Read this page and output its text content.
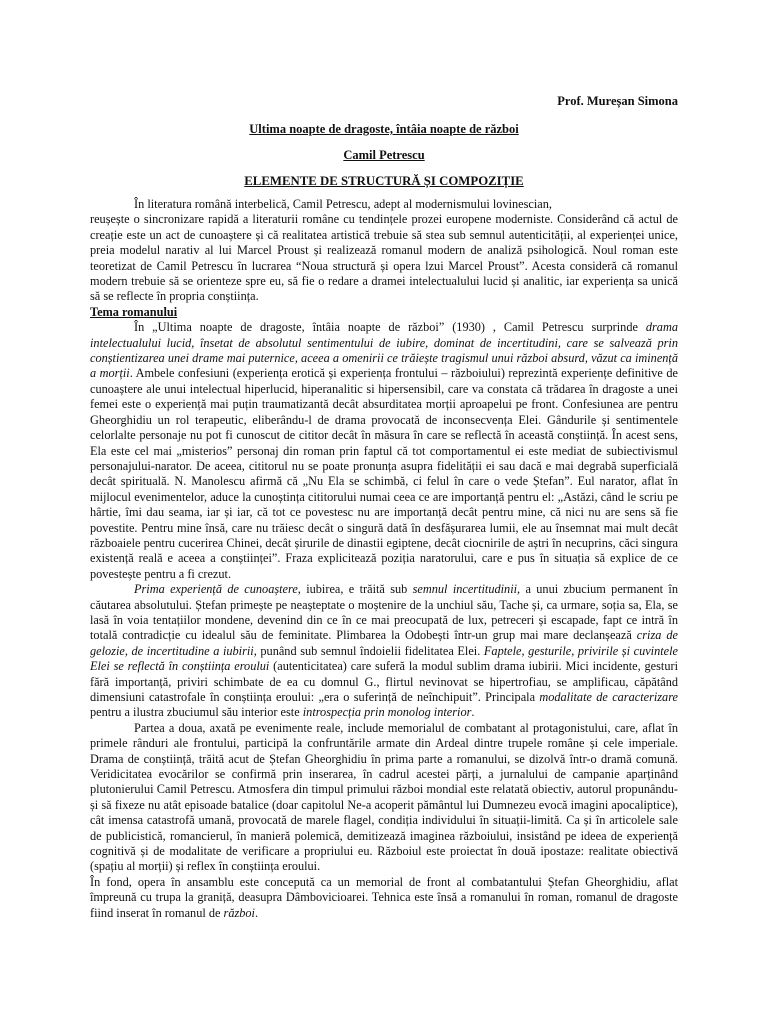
Prof. Mureșan Simona
Ultima noapte de dragoste, întâia noapte de război
Camil Petrescu
ELEMENTE DE STRUCTURĂ ȘI COMPOZIȚIE

În literatura română interbelică, Camil Petrescu, adept al modernismului lovinescian,

reușește o sincronizare rapidă a literaturii române cu tendințele prozei europene moderniste. Considerând că actul de creație este un act de cunoaștere și că realitatea artistică trebuie să stea sub semnul autenticității, al experienței unice, preia modelul narativ al lui Marcel Proust și realizează romanul modern de analiză psihologică. Noul roman este teoretizat de Camil Petrescu în lucrarea “Noua structură și opera lzui Marcel Proust”. Acesta consideră că romanul modern trebuie să se orienteze spre eu, să fie o redare a dramei intelectualului lucid și analitic, iar experiența sa unică să se reflecte în propria conștiința.

Tema romanului

În „Ultima noapte de dragoste, întâia noapte de război” (1930) , Camil Petrescu surprinde drama intelectualului lucid, însetat de absolutul sentimentului de iubire, dominat de incertitudini, care se salvează prin conștientizarea unei drame mai puternice, aceea a omenirii ce trăiește tragismul unui război absurd, văzut ca iminență a morții. Ambele confesiuni (experiența erotică și experiența frontului – războiului) reprezintă experiențe definitive de cunoaștere ale unui intelectual hiperlucid, hiperanalitic si hipersensibil, care va constata că trădarea în dragoste a unei femei este o experiență mai puțin traumatizantă decât absurditatea morții aproapelui pe front. Confesiunea are pentru Gheorghidiu un rol terapeutic, eliberându-l de drama provocată de inconsecvența Elei. Gândurile și sentimentele celorlalte personaje nu pot fi cunoscut de cititor decât în măsura în care se reflectă în această conștiință. În acest sens, Ela este cel mai „misterios” personaj din roman prin faptul că tot comportamentul ei este mediat de subiectivismul personajului-narator. De aceea, cititorul nu se poate pronunța asupra fidelității ei sau dacă e mai degrabă superficială decât spirituală. N. Manolescu afirmă că „Nu Ela se schimbă, ci felul în care o vede Ștefan”. Eul narator, aflat în mijlocul evenimentelor, aduce la cunoștința cititorului numai ceea ce are importanță pentru el: „Astăzi, când le scriu pe hârtie, îmi dau seama, iar și iar, că tot ce povestesc nu are importanță decât pentru mine, că nici nu are sens să fie povestite. Pentru mine însă, care nu trăiesc decât o singură dată în desfășurarea lumii, ele au însemnat mai mult decât războaiele pentru cucerirea Chinei, decât șirurile de dinastii egiptene, decât ciocnirile de aștri în necuprins, căci singura existență reală e aceea a conștiinței”. Fraza explicitează poziția naratorului, care e pus în situația să explice de ce povestește pentru a fi crezut.

Prima experiență de cunoaștere, iubirea, e trăită sub semnul incertitudinii, a unui zbucium permanent în căutarea absolutului. Ștefan primește pe neașteptate o moștenire de la unchiul său, Tache și, ca urmare, soția sa, Ela, se lasă în voia tentațiilor mondene, devenind din ce în ce mai preocupată de lux, petreceri și escapade, fapt ce intră în totală contradicție cu idealul său de feminitate. Plimbarea la Odobești într-un grup mai mare declanșează criza de gelozie, de incertitudine a iubirii, punând sub semnul îndoielii fidelitatea Elei. Faptele, gesturile, privirile și cuvintele Elei se reflectă în conștiința eroului (autenticitatea) care suferă la modul sublim drama iubirii. Mici incidente, gesturi fără importanță, priviri schimbate de ea cu domnul G., flirtul nevinovat se hipertrofiau, se amplificau, căpătând dimensiuni catastrofale în conștiința eroului: „era o suferință de neînchipuit”. Principala modalitate de caracterizare pentru a ilustra zbuciumul său interior este introspecția prin monolog interior.

Partea a doua, axată pe evenimente reale, include memorialul de combatant al protagonistului, care, aflat în primele rânduri ale frontului, participă la confruntările armate din Ardeal dintre trupele române și cele imperiale. Drama de conștiință, trăită acut de Ștefan Gheorghidiu în prima parte a romanului, se dizolvă într-o dramă comună. Veridicitatea evocărilor se confirmă prin inserarea, în cadrul acestei părți, a jurnalului de campanie aparținând plutonierului Camil Petrescu. Atmosfera din timpul primului război mondial este relatată obiectiv, autorul propunându-și să fixeze nu atât episoade batalice (doar capitolul Ne-a acoperit pământul lui Dumnezeu evocă imagini apocaliptice), cât imensa catastrofă umană, provocată de marele flagel, condiția individului în situații-limită. Ca și în articolele sale de publicistică, romancierul, în manieră polemică, demitizează imaginea războiului, insistând pe ideea de experiență cognitivă și de modalitate de verificare a propriului eu. Războiul este proiectat în două ipostaze: realitate obiectivă (spațiu al morții) și reflex în conștiința eroului.

În fond, opera în ansamblu este concepută ca un memorial de front al combatantului Ștefan Gheorghidiu, aflat împreună cu trupa la graniță, deasupra Dâmbovicioarei. Tehnica este însă a romanului în roman, romanul de dragoste fiind inserat în romanul de război.
